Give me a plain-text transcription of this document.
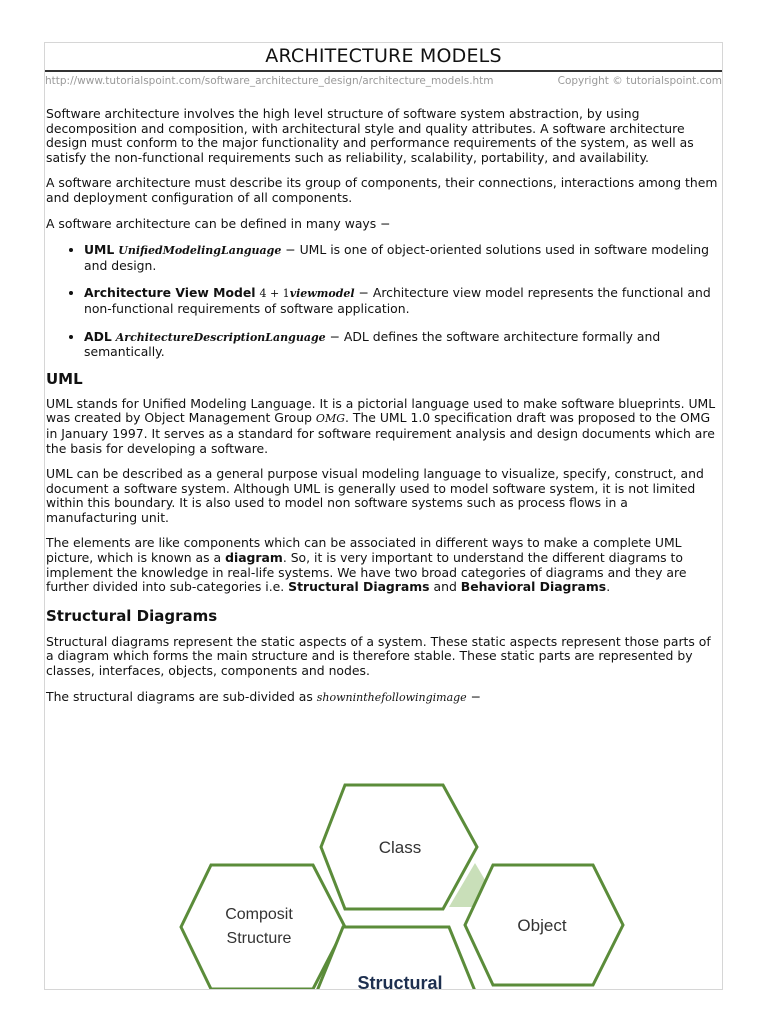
ARCHITECTURE MODELS
http://www.tutorialspoint.com/software_architecture_design/architecture_models.htm	Copyright © tutorialspoint.com

Software architecture involves the high level structure of software system abstraction, by using decomposition and composition, with architectural style and quality attributes. A software architecture design must conform to the major functionality and performance requirements of the system, as well as satisfy the non-functional requirements such as reliability, scalability, portability, and availability.

A software architecture must describe its group of components, their connections, interactions among them and deployment configuration of all components.

A software architecture can be defined in many ways −

• UML UnifiedModelingLanguage − UML is one of object-oriented solutions used in software modeling and design.
• Architecture View Model 4 + 1viewmodel − Architecture view model represents the functional and non-functional requirements of software application.
• ADL ArchitectureDescriptionLanguage − ADL defines the software architecture formally and semantically.
UML

UML stands for Unified Modeling Language. It is a pictorial language used to make software blueprints. UML was created by Object Management Group OMG. The UML 1.0 specification draft was proposed to the OMG in January 1997. It serves as a standard for software requirement analysis and design documents which are the basis for developing a software.

UML can be described as a general purpose visual modeling language to visualize, specify, construct, and document a software system. Although UML is generally used to model software system, it is not limited within this boundary. It is also used to model non software systems such as process flows in a manufacturing unit.

The elements are like components which can be associated in different ways to make a complete UML picture, which is known as a diagram. So, it is very important to understand the different diagrams to implement the knowledge in real-life systems. We have two broad categories of diagrams and they are further divided into sub-categories i.e. Structural Diagrams and Behavioral Diagrams.

Structural Diagrams

Structural diagrams represent the static aspects of a system. These static aspects represent those parts of a diagram which forms the main structure and is therefore stable. These static parts are represented by classes, interfaces, objects, components and nodes.

The structural diagrams are sub-divided as showninthefollowingimage −

Class
Object
Composit
Structure
Structural
